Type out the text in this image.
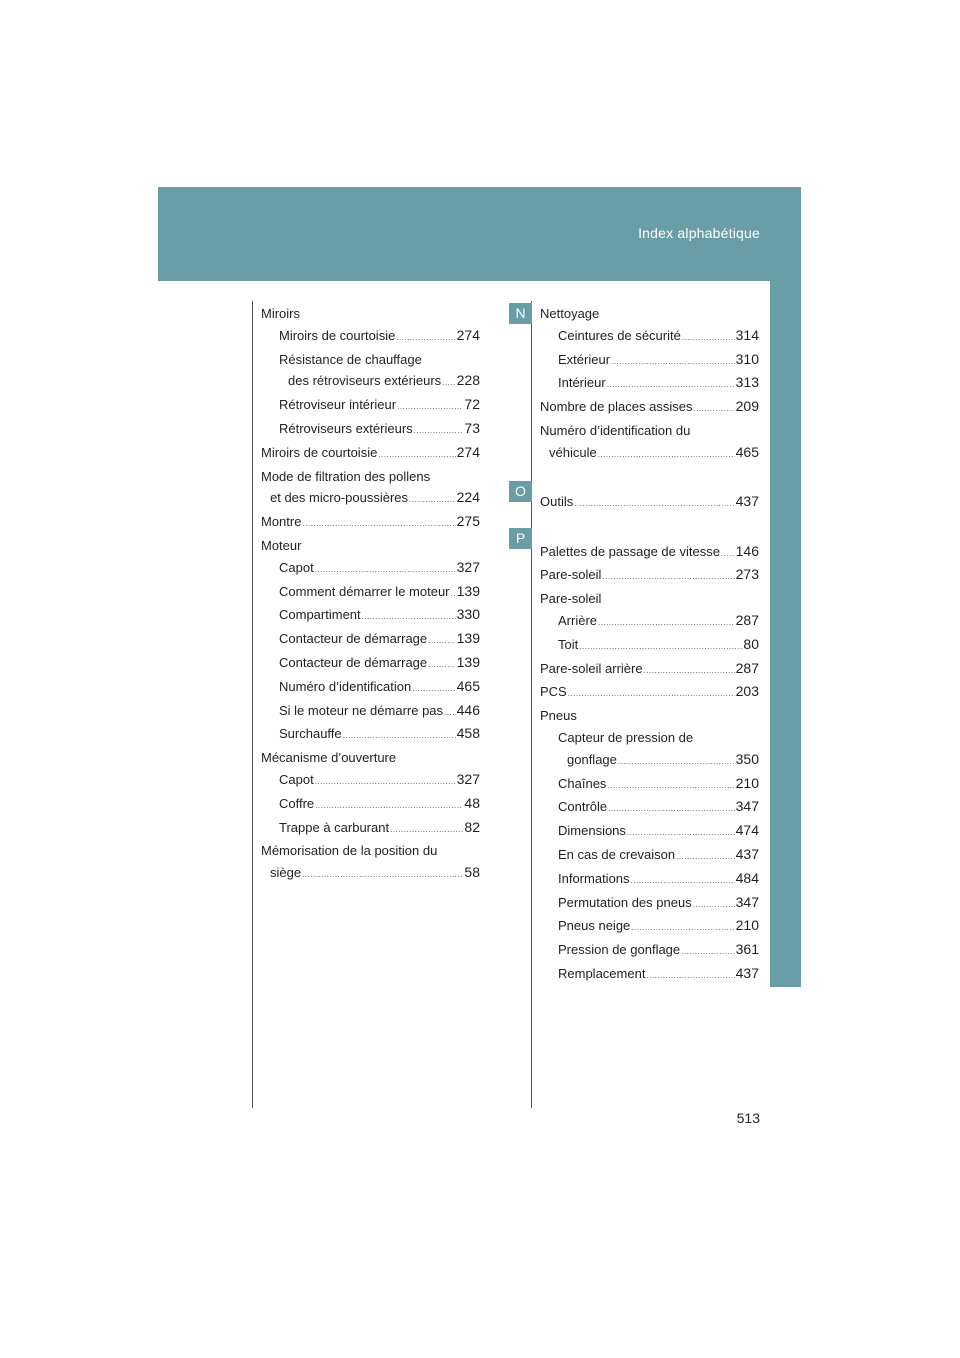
Index alphabétique
N
O
P
Miroirs
Miroirs de courtoisie .....	274
Résistance de chauffage
des rétroviseurs extérieurs ..... 228
Rétroviseur intérieur .....	72
Rétroviseurs extérieurs .....	73
Miroirs de courtoisie .....	274
Mode de filtration des pollens
et des micro-poussières .....	224
Montre .....	275
Moteur
Capot .....	327
Comment démarrer le moteur ..... 139
Compartiment .....	330
Contacteur de démarrage ..... 139
Contacteur de démarrage ..... 139
Numéro d’identification .....	465
Si le moteur ne démarre pas ..... 446
Surchauffe .....	458
Mécanisme d’ouverture
Capot .....	327
Coffre .....	48
Trappe à carburant .....	82
Mémorisation de la position du
siège .....	58
Nettoyage
Ceintures de sécurité .....	314
Extérieur .....	310
Intérieur .....	313
Nombre de places assises .....	209
Numéro d’identification du
véhicule .....	465
Outils .....	437
Palettes de passage de vitesse ..... 146
Pare-soleil .....	273
Pare-soleil
Arrière .....	287
Toit .....	80
Pare-soleil arrière .....	287
PCS .....	203
Pneus
Capteur de pression de
gonflage .....	350
Chaînes .....	210
Contrôle .....	347
Dimensions .....	474
En cas de crevaison .....	437
Informations .....	484
Permutation des pneus .....	347
Pneus neige .....	210
Pression de gonflage .....	361
Remplacement .....	437
513
